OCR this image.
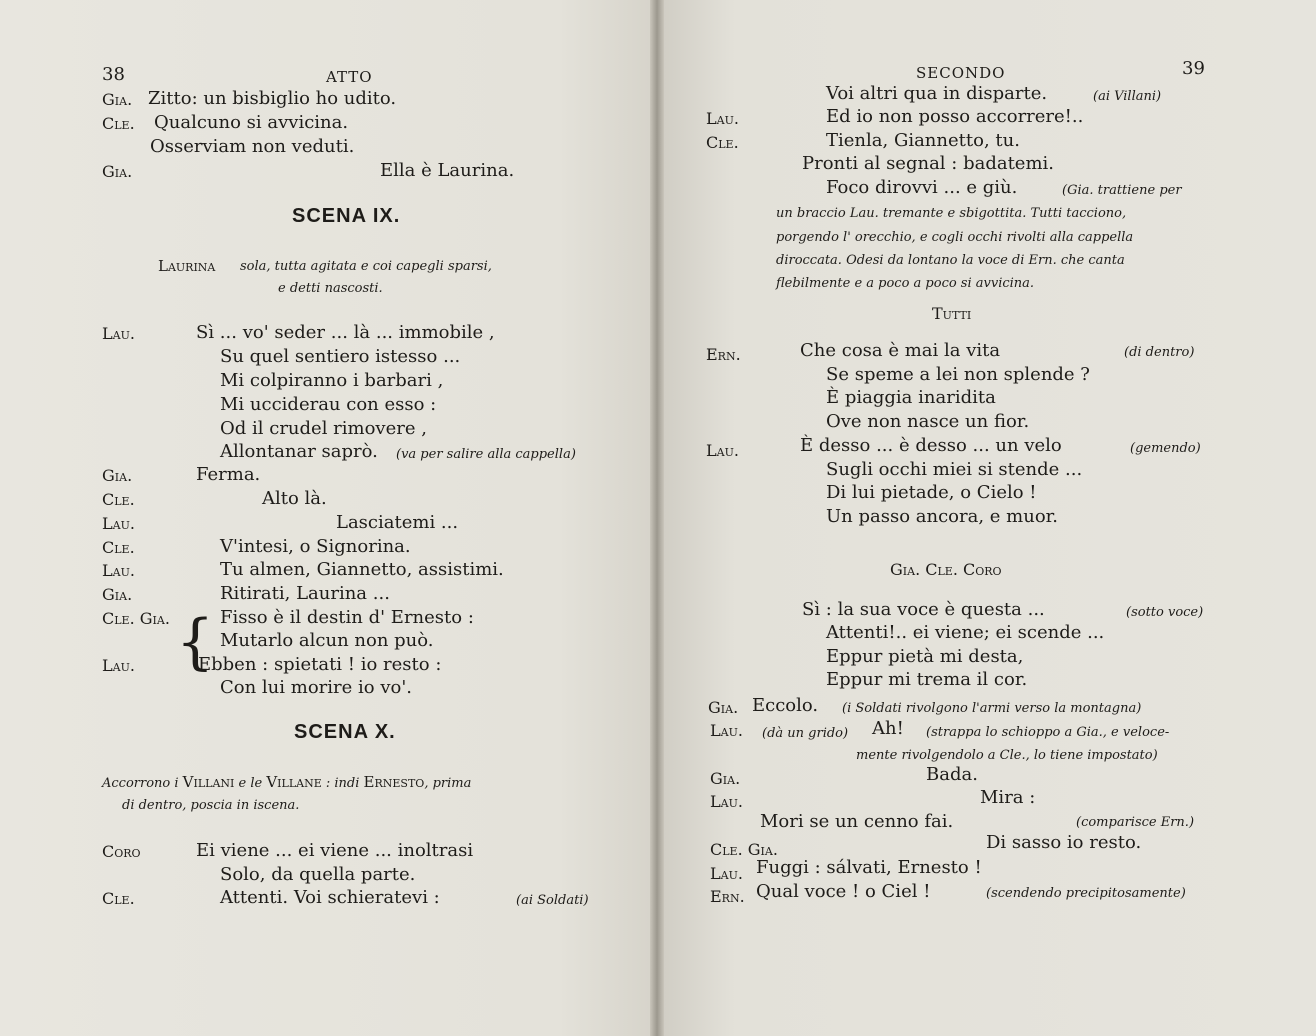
38	ATTO
Gia. Zitto: un bisbiglio ho udito.
Cle. Qualcuno si avvicina.
Osserviam non veduti.
Gia.	Ella è Laurina.
SCENA IX.
Laurina sola, tutta agitata e coi capegli sparsi,
e detti nascosti.
Lau.	Sì ... vo' seder ... là ... immobile ,
Su quel sentiero istesso ...
Mi colpiranno i barbari ,
Mi ucciderau con esso :
Od il crudel rimovere ,
Allontanar saprò. (va per salire alla cappella)
Gia.	Ferma.
Cle.	Alto là.
Lau.	Lasciatemi ...
Cle.	V'intesi, o Signorina.
Lau.	Tu almen, Giannetto, assistimi.
Gia.	Ritirati, Laurina ...
Cle. Gia.	Fisso è il destin d' Ernesto :
{ Mutarlo alcun non può.
Lau.	Ebben : spietati ! io resto :
Con lui morire io vo'.
SCENA X.
Accorrono i Villani e le Villane : indi Ernesto, prima
di dentro, poscia in iscena.
Coro	Ei viene ... ei viene ... inoltrasi
Solo, da quella parte.
Cle.	Attenti. Voi schieratevi :	(ai Soldati)
SECONDO	39
Voi altri qua in disparte.	(ai Villani)
Lau.	Ed io non posso accorrere!..
Cle.	Tienla, Giannetto, tu.
Pronti al segnal : badatemi.
Foco dirovvi ... e giù.	(Gia. trattiene per
un braccio Lau. tremante e sbigottita. Tutti tacciono,
porgendo l' orecchio, e cogli occhi rivolti alla cappella
diroccata. Odesi da lontano la voce di Ern. che canta
flebilmente e a poco a poco si avvicina.
Tutti
Ern.	Che cosa è mai la vita	(di dentro)
Se speme a lei non splende ?
È piaggia inaridita
Ove non nasce un fior.
Lau.	È desso ... è desso ... un velo	(gemendo)
Sugli occhi miei si stende ...
Di lui pietade, o Cielo !
Un passo ancora, e muor.
Gia. Cle. Coro
Sì : la sua voce è questa ...	(sotto voce)
Attenti!.. ei viene; ei scende ...
Eppur pietà mi desta,
Eppur mi trema il cor.
Gia. Eccolo. (i Soldati rivolgono l'armi verso la montagna)
Lau. (dà un grido) Ah! (strappa lo schioppo a Gia., e veloce-
mente rivolgendolo a Cle., lo tiene impostato)
Gia.	Bada.
Lau.	Mira :
Mori se un cenno fai.	(comparisce Ern.)
Cle. Gia.	Di sasso io resto.
Lau. Fuggi : sálvati, Ernesto !
Ern. Qual voce ! o Ciel !	(scendendo precipitosamente)
